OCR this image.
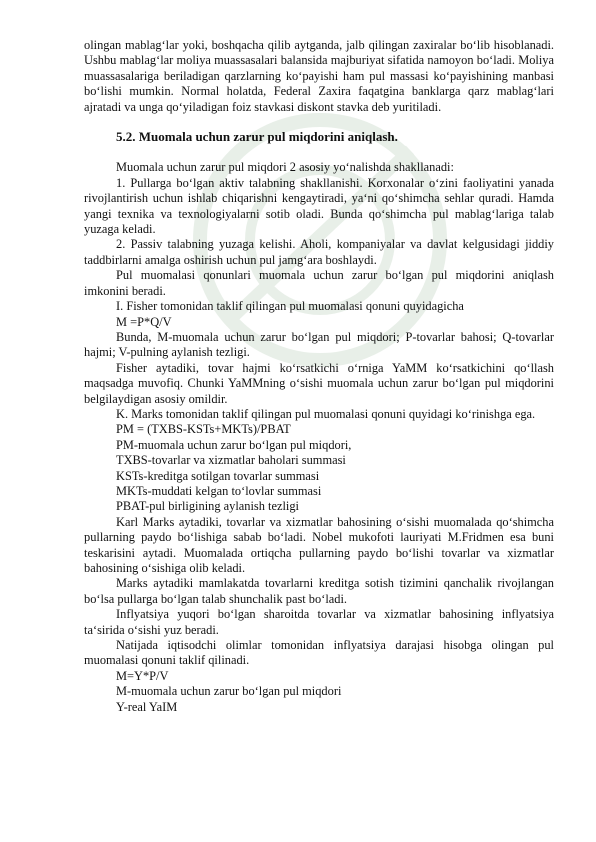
olingan mablag‘lar yoki, boshqacha qilib aytganda, jalb qilingan zaxiralar bo‘lib hisoblanadi. Ushbu mablag‘lar moliya muassasalari balansida majburiyat sifatida namoyon bo‘ladi. Moliya muassasalariga beriladigan qarzlarning ko‘payishi ham pul massasi ko‘payishining manbasi bo‘lishi mumkin. Normal holatda, Federal Zaxira faqatgina banklarga qarz mablag‘lari ajratadi va unga qo‘yiladigan foiz stavkasi diskont stavka deb yuritiladi.

5.2. Muomala uchun zarur pul miqdorini aniqlash.

Muomala uchun zarur pul miqdori 2 asosiy yo‘nalishda shakllanadi:

1. Pullarga bo‘lgan aktiv talabning shakllanishi. Korxonalar o‘zini faoliyatini yanada rivojlantirish uchun ishlab chiqarishni kengaytiradi, ya‘ni qo‘shimcha sehlar quradi. Hamda yangi texnika va texnologiyalarni sotib oladi. Bunda qo‘shimcha pul mablag‘lariga talab yuzaga keladi.

2. Passiv talabning yuzaga kelishi. Aholi, kompaniyalar va davlat kelgusidagi jiddiy taddbirlarni amalga oshirish uchun pul jamg‘ara boshlaydi.

Pul muomalasi qonunlari muomala uchun zarur bo‘lgan pul miqdorini aniqlash imkonini beradi.

I. Fisher tomonidan taklif qilingan pul muomalasi qonuni quyidagicha

M =P*Q/V

Bunda, M-muomala uchun zarur bo‘lgan pul miqdori; P-tovarlar bahosi; Q-tovarlar hajmi; V-pulning aylanish tezligi.

Fisher aytadiki, tovar hajmi ko‘rsatkichi o‘rniga YaMM ko‘rsatkichini qo‘llash maqsadga muvofiq. Chunki YaMMning o‘sishi muomala uchun zarur bo‘lgan pul miqdorini belgilaydigan asosiy omildir.

K. Marks tomonidan taklif qilingan pul muomalasi qonuni quyidagi ko‘rinishga ega.

PM = (TXBS-KSTs+MKTs)/PBAT

PM-muomala uchun zarur bo‘lgan pul miqdori,

TXBS-tovarlar va xizmatlar baholari summasi

KSTs-kreditga sotilgan tovarlar summasi

MKTs-muddati kelgan to‘lovlar summasi

PBAT-pul birligining aylanish tezligi

Karl Marks aytadiki, tovarlar va xizmatlar bahosining o‘sishi muomalada qo‘shimcha pullarning paydo bo‘lishiga sabab bo‘ladi. Nobel mukofoti lauriyati M.Fridmen esa buni teskarisini aytadi. Muomalada ortiqcha pullarning paydo bo‘lishi tovarlar va xizmatlar bahosining o‘sishiga olib keladi.

Marks aytadiki mamlakatda tovarlarni kreditga sotish tizimini qanchalik rivojlangan bo‘lsa pullarga bo‘lgan talab shunchalik past bo‘ladi.

Inflyatsiya yuqori bo‘lgan sharoitda tovarlar va xizmatlar bahosining inflyatsiya ta‘sirida o‘sishi yuz beradi.

Natijada iqtisodchi olimlar tomonidan inflyatsiya darajasi hisobga olingan pul muomalasi qonuni taklif qilinadi.

M=Y*P/V

M-muomala uchun zarur bo‘lgan pul miqdori

Y-real YaIM
